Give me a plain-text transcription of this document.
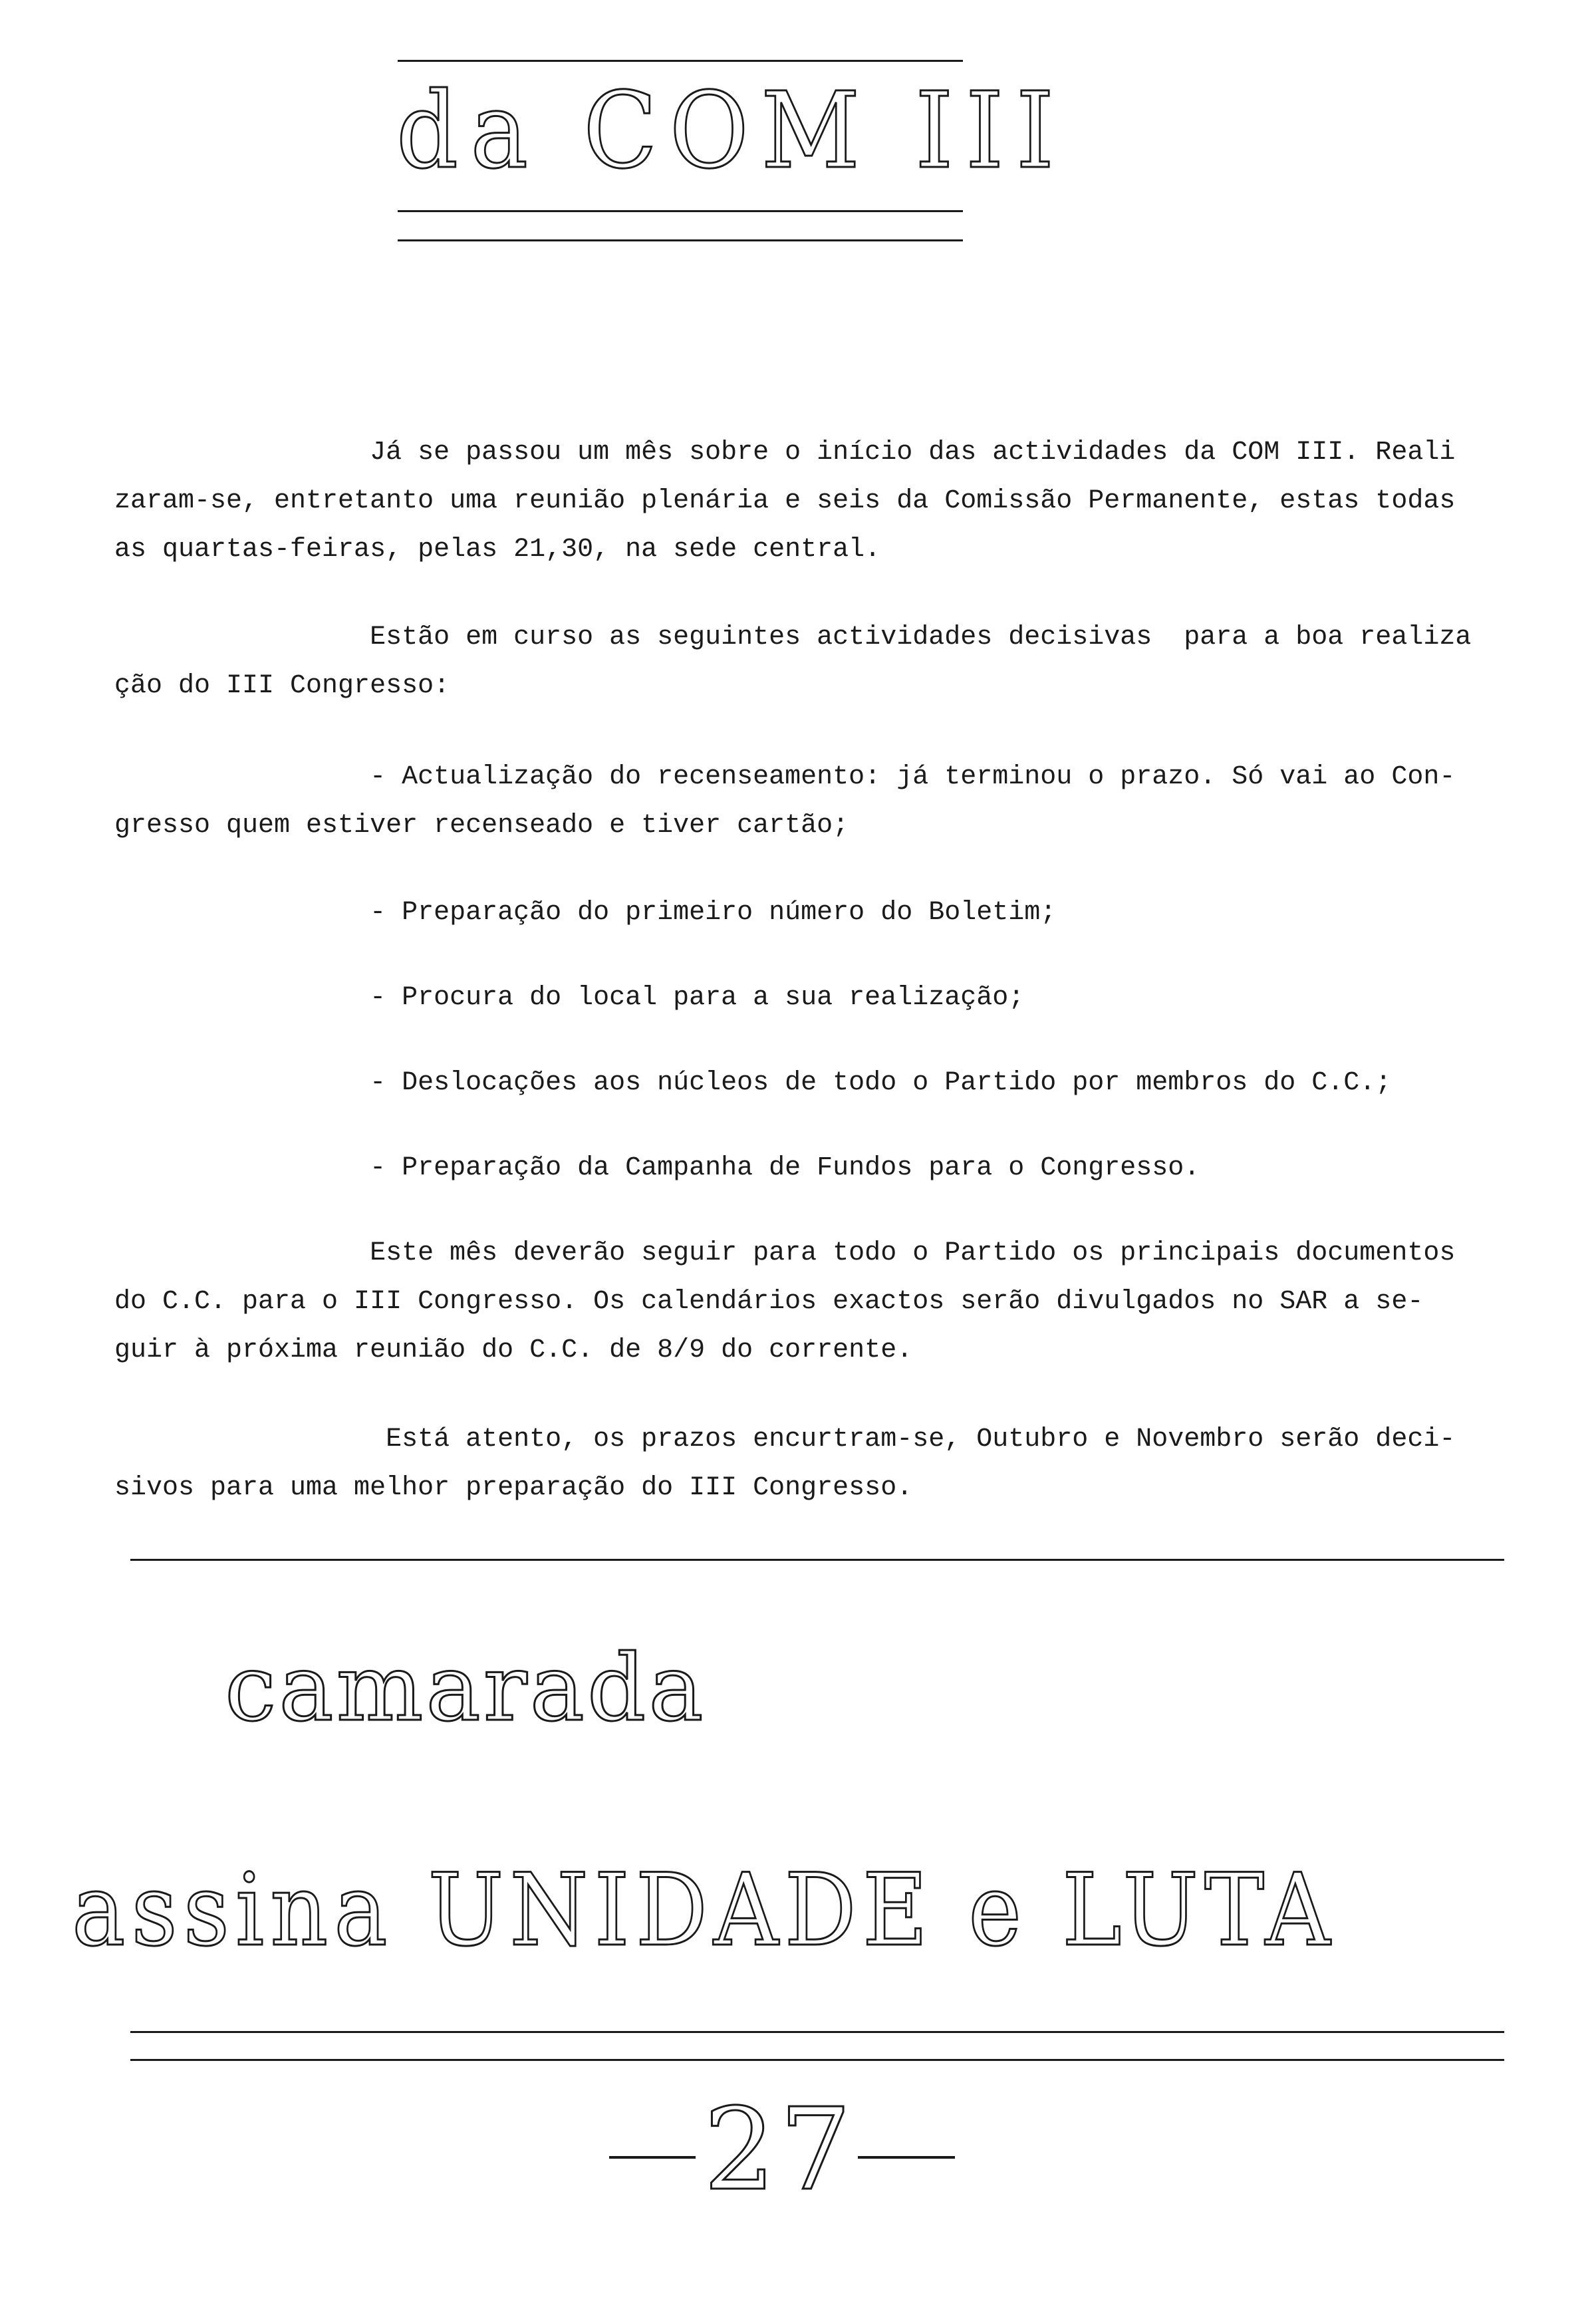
da COM III

Já se passou um mês sobre o início das actividades da COM III. Reali
zaram-se, entretanto uma reunião plenária e seis da Comissão Permanente, estas todas
as quartas-feiras, pelas 21,30, na sede central.

Estão em curso as seguintes actividades decisivas  para a boa realiza
ção do III Congresso:

- Actualização do recenseamento: já terminou o prazo. Só vai ao Con-
gresso quem estiver recenseado e tiver cartão;

- Preparação do primeiro número do Boletim;

- Procura do local para a sua realização;

- Deslocações aos núcleos de todo o Partido por membros do C.C.;

- Preparação da Campanha de Fundos para o Congresso.

Este mês deverão seguir para todo o Partido os principais documentos
do C.C. para o III Congresso. Os calendários exactos serão divulgados no SAR a se-
guir à próxima reunião do C.C. de 8/9 do corrente.

Está atento, os prazos encurtram-se, Outubro e Novembro serão deci-
sivos para uma melhor preparação do III Congresso.

camarada
assina UNIDADE e LUTA
27
